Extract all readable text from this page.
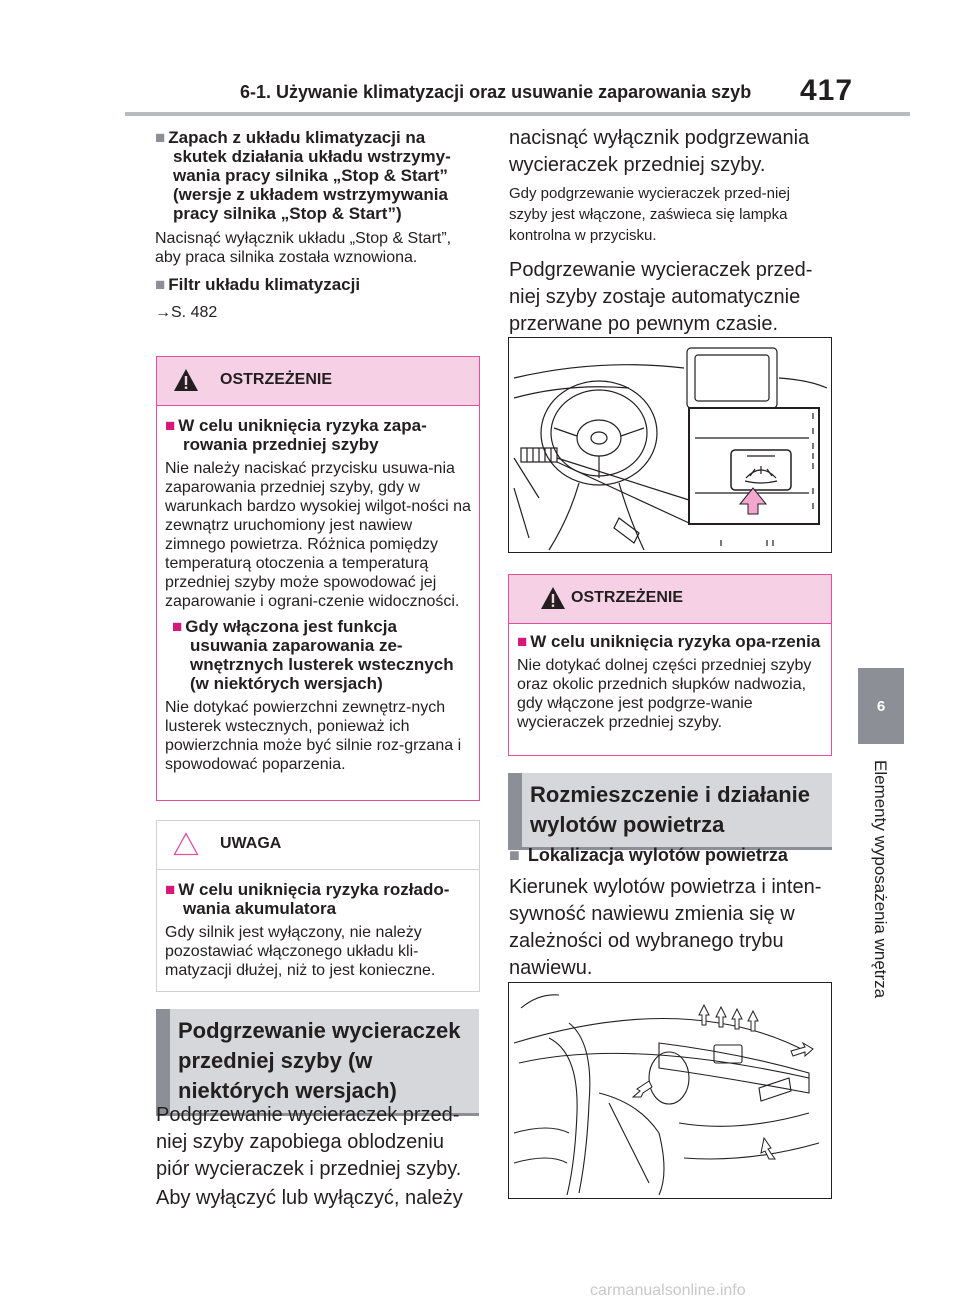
6-1. Używanie klimatyzacji oraz usuwanie zaparowania szyb 417
6
Elementy wyposażenia wnętrza
■ Zapach z układu klimatyzacji na skutek działania układu wstrzymy-wania pracy silnika „Stop & Start” (wersje z układem wstrzymywania pracy silnika „Stop & Start”)
Nacisnąć wyłącznik układu „Stop & Start”, aby praca silnika została wznowiona.
■ Filtr układu klimatyzacji
→S. 482
OSTRZEŻENIE
■ W celu uniknięcia ryzyka zapa-rowania przedniej szyby
Nie należy naciskać przycisku usuwa-nia zaparowania przedniej szyby, gdy w warunkach bardzo wysokiej wilgot-ności na zewnątrz uruchomiony jest nawiew zimnego powietrza. Różnica pomiędzy temperaturą otoczenia a temperaturą przedniej szyby może spowodować jej zaparowanie i ograni-czenie widoczności.
■ Gdy włączona jest funkcja usuwania zaparowania ze-wnętrznych lusterek wstecznych (w niektórych wersjach)
Nie dotykać powierzchni zewnętrz-nych lusterek wstecznych, ponieważ ich powierzchnia może być silnie roz-grzana i spowodować poparzenia.
UWAGA
■ W celu uniknięcia ryzyka rozłado-wania akumulatora
Gdy silnik jest wyłączony, nie należy pozostawiać włączonego układu kli-matyzacji dłużej, niż to jest konieczne.
Podgrzewanie wycieraczek przedniej szyby (w niektórych wersjach)
Podgrzewanie wycieraczek przed-niej szyby zapobiega oblodzeniu piór wycieraczek i przedniej szyby.
Aby wyłączyć lub wyłączyć, należy
nacisnąć wyłącznik podgrzewania wycieraczek przedniej szyby.
Gdy podgrzewanie wycieraczek przed-niej szyby jest włączone, zaświeca się lampka kontrolna w przycisku.
Podgrzewanie wycieraczek przed-niej szyby zostaje automatycznie przerwane po pewnym czasie.
OSTRZEŻENIE
■ W celu uniknięcia ryzyka opa-rzenia
Nie dotykać dolnej części przedniej szyby oraz okolic przednich słupków nadwozia, gdy włączone jest podgrze-wanie wycieraczek przedniej szyby.
Rozmieszczenie i działanie wylotów powietrza
■ Lokalizacja wylotów powietrza
Kierunek wylotów powietrza i inten-sywność nawiewu zmienia się w zależności od wybranego trybu nawiewu.
carmanualsonline.info
